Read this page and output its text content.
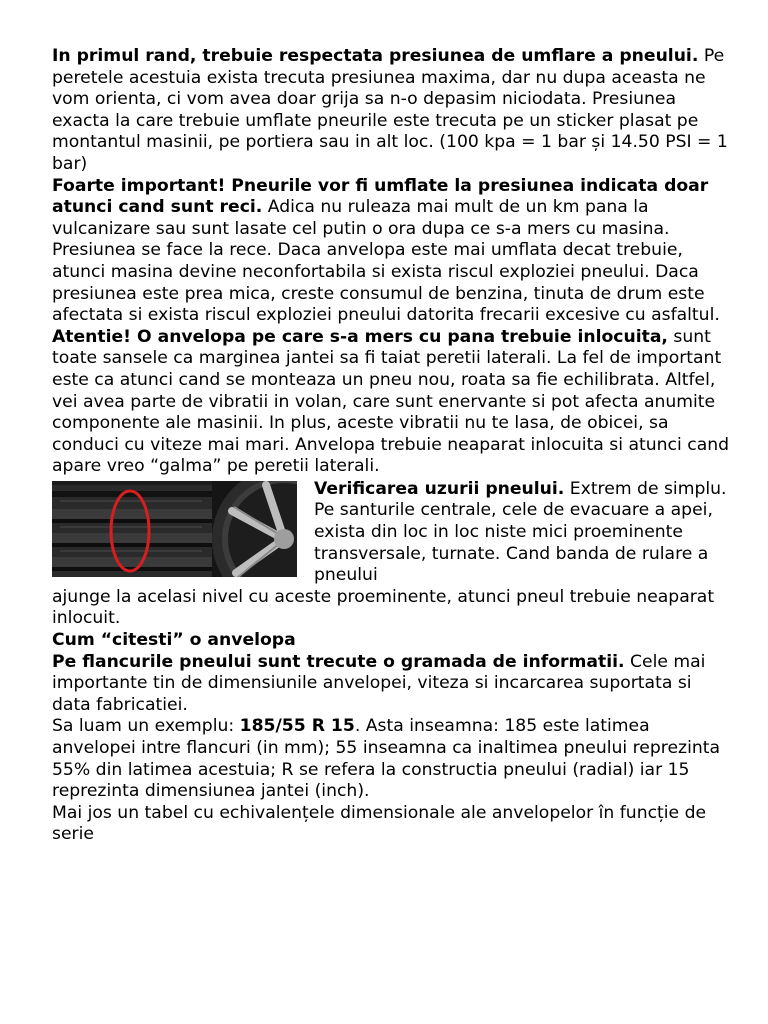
In primul rand, trebuie respectata presiunea de umflare a pneului. Pe peretele acestuia exista trecuta presiunea maxima, dar nu dupa aceasta ne vom orienta, ci vom avea doar grija sa n-o depasim niciodata. Presiunea exacta la care trebuie umflate pneurile este trecuta pe un sticker plasat pe montantul masinii, pe portiera sau in alt loc. (100 kpa = 1 bar și 14.50 PSI = 1 bar)

Foarte important! Pneurile vor fi umflate la presiunea indicata doar atunci cand sunt reci. Adica nu ruleaza mai mult de un km pana la vulcanizare sau sunt lasate cel putin o ora dupa ce s-a mers cu masina. Presiunea se face la rece. Daca anvelopa este mai umflata decat trebuie, atunci masina devine neconfortabila si exista riscul exploziei pneului. Daca presiunea este prea mica, creste consumul de benzina, tinuta de drum este afectata si exista riscul exploziei pneului datorita frecarii excesive cu asfaltul.

Atentie! O anvelopa pe care s-a mers cu pana trebuie inlocuita, sunt toate sansele ca marginea jantei sa fi taiat peretii laterali. La fel de important este ca atunci cand se monteaza un pneu nou, roata sa fie echilibrata. Altfel, vei avea parte de vibratii in volan, care sunt enervante si pot afecta anumite componente ale masinii. In plus, aceste vibratii nu te lasa, de obicei, sa conduci cu viteze mai mari. Anvelopa trebuie neaparat inlocuita si atunci cand apare vreo “galma” pe peretii laterali.

Verificarea uzurii pneului. Extrem de simplu. Pe santurile centrale, cele de evacuare a apei, exista din loc in loc niste mici proeminente transversale, turnate. Cand banda de rulare a pneului

ajunge la acelasi nivel cu aceste proeminente, atunci pneul trebuie neaparat inlocuit.

Cum “citesti” o anvelopa

Pe flancurile pneului sunt trecute o gramada de informatii. Cele mai importante tin de dimensiunile anvelopei, viteza si incarcarea suportata si data fabricatiei.

Sa luam un exemplu: 185/55 R 15. Asta inseamna: 185 este latimea anvelopei intre flancuri (in mm); 55 inseamna ca inaltimea pneului reprezinta 55% din latimea acestuia; R se refera la constructia pneului (radial) iar 15 reprezinta dimensiunea jantei (inch).

Mai jos un tabel cu echivalențele dimensionale ale anvelopelor în funcție de serie
